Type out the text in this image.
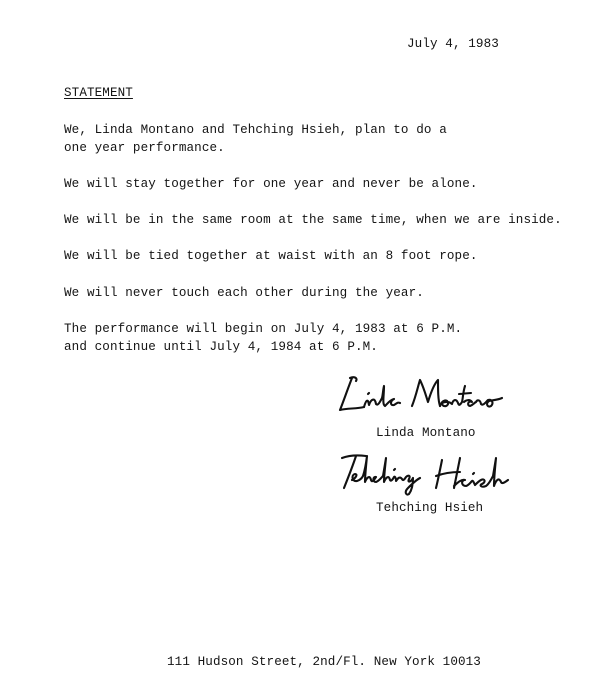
July 4, 1983
STATEMENT
We, Linda Montano and Tehching Hsieh, plan to do a
one year performance.
We will stay together for one year and never be alone.
We will be in the same room at the same time, when we are inside.
We will be tied together at waist with an 8 foot rope.
We will never touch each other during the year.
The performance will begin on July 4, 1983 at 6 P.M.
and continue until July 4, 1984 at 6 P.M.
Linda Montano
Tehching Hsieh
111 Hudson Street, 2nd/Fl. New York 10013
